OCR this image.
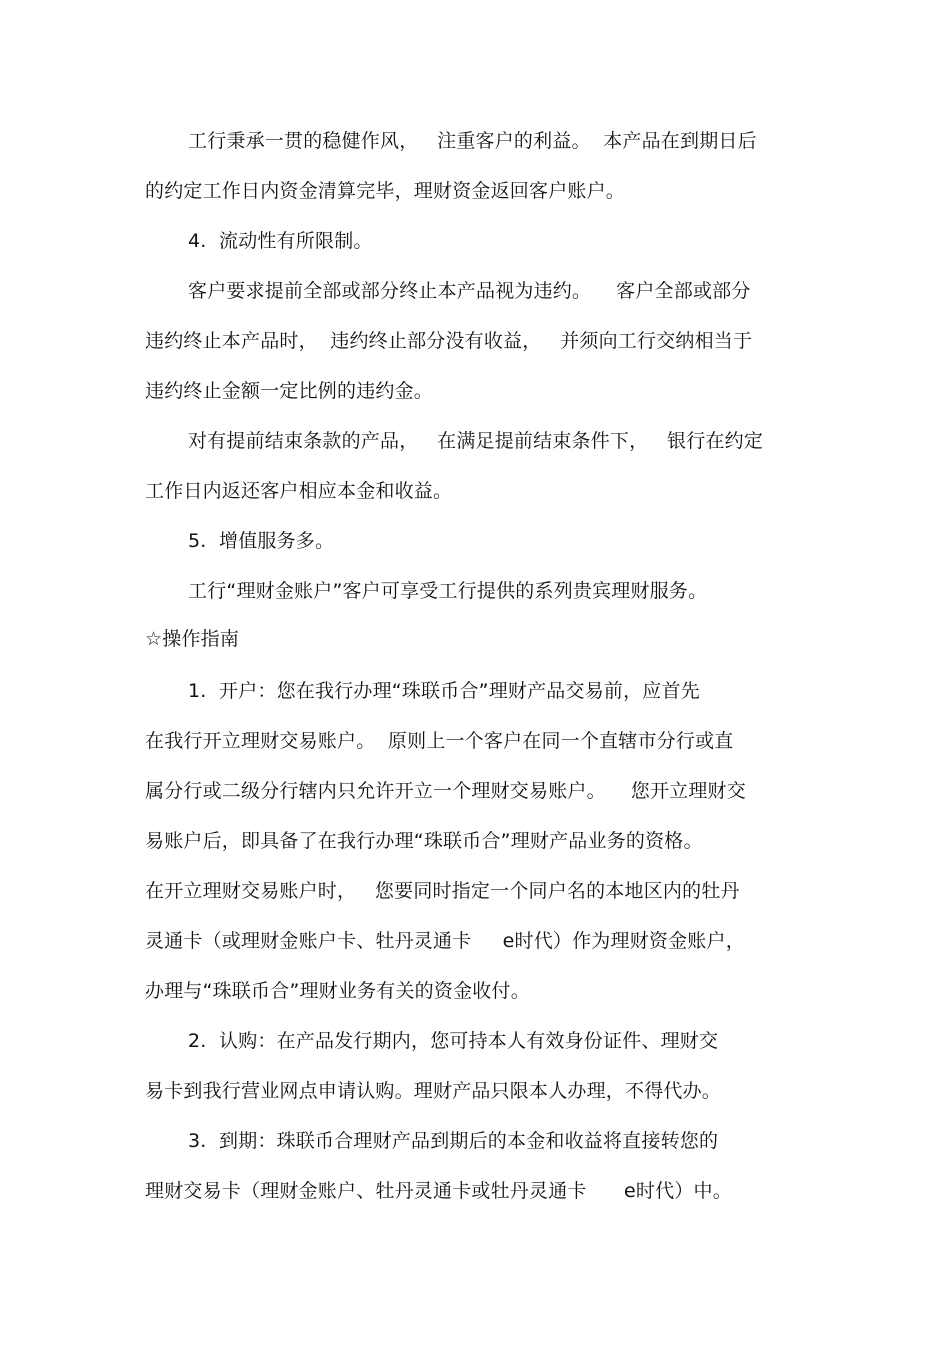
工行秉承一贯的稳健作风，   注重客户的利益。  本产品在到期日后
的约定工作日内资金清算完毕，理财资金返回客户账户。
4.  流动性有所限制。
客户要求提前全部或部分终止本产品视为违约。    客户全部或部分
违约终止本产品时，  违约终止部分没有收益，   并须向工行交纳相当于
违约终止金额一定比例的违约金。
对有提前结束条款的产品，   在满足提前结束条件下，   银行在约定
工作日内返还客户相应本金和收益。
5.  增值服务多。
工行“理财金账户”客户可享受工行提供的系列贵宾理财服务。
☆操作指南
1.  开户：您在我行办理“珠联币合”理财产品交易前，应首先
在我行开立理财交易账户。  原则上一个客户在同一个直辖市分行或直
属分行或二级分行辖内只允许开立一个理财交易账户。    您开立理财交
易账户后，即具备了在我行办理“珠联币合”理财产品业务的资格。
在开立理财交易账户时，   您要同时指定一个同户名的本地区内的牡丹
灵通卡（或理财金账户卡、牡丹灵通卡     e时代）作为理财资金账户，
办理与“珠联币合”理财业务有关的资金收付。
2.  认购：在产品发行期内，您可持本人有效身份证件、理财交
易卡到我行营业网点申请认购。理财产品只限本人办理，不得代办。
3.  到期：珠联币合理财产品到期后的本金和收益将直接转您的
理财交易卡（理财金账户、牡丹灵通卡或牡丹灵通卡      e时代）中。
